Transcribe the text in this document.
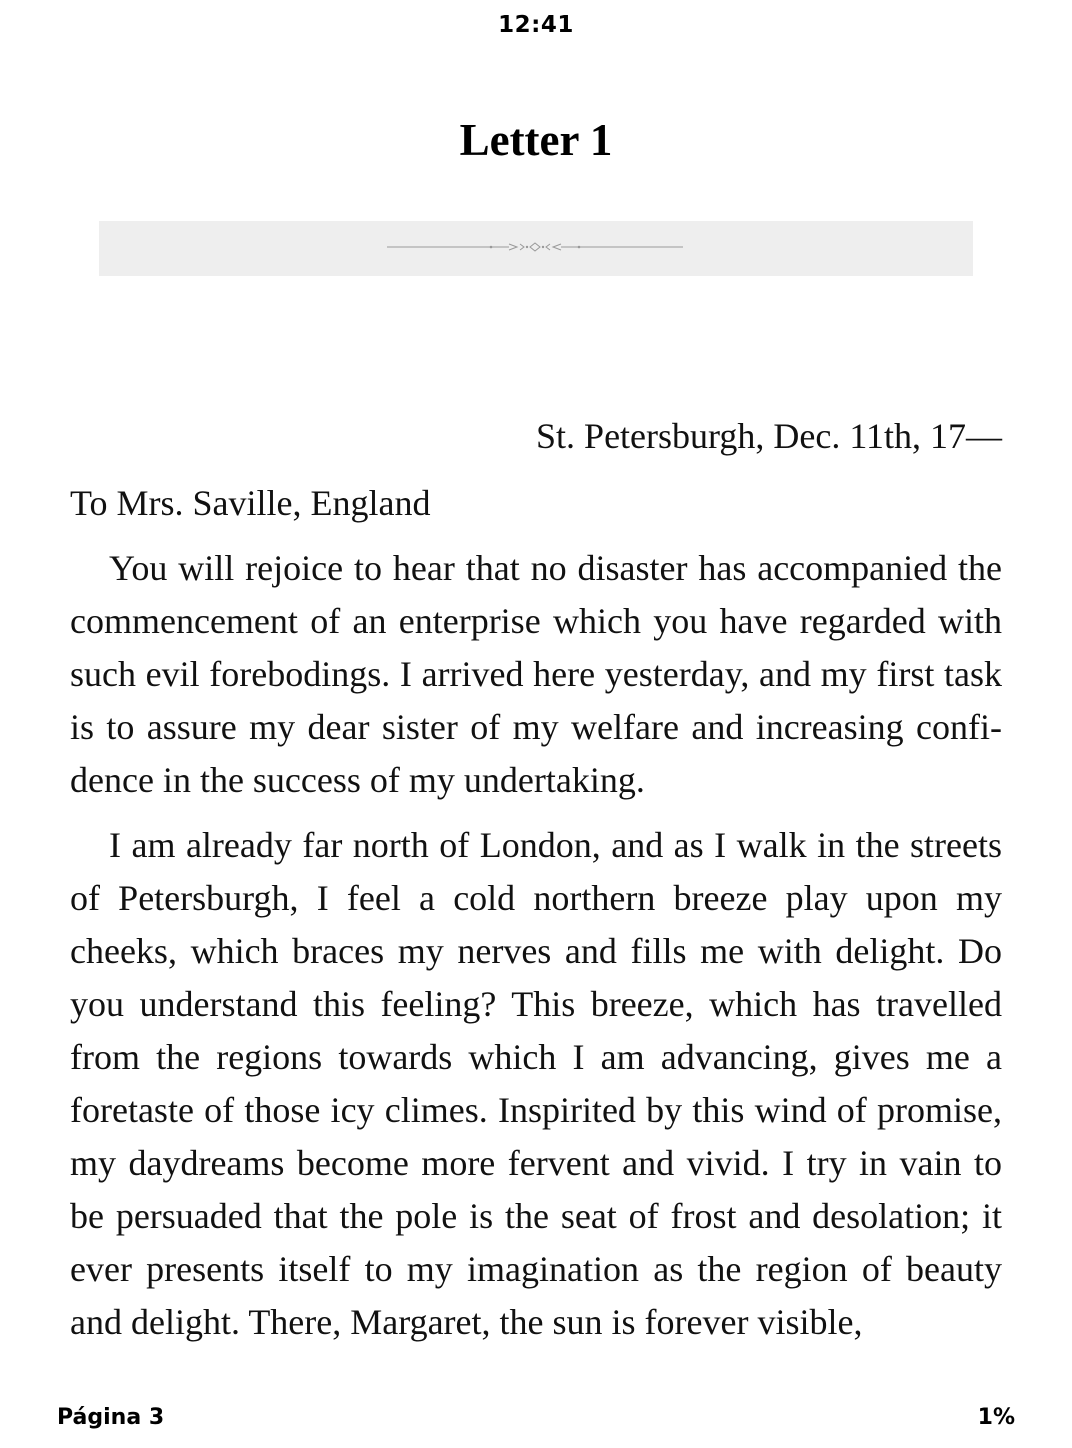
12:41
Letter 1

St. Petersburgh, Dec. 11th, 17—

To Mrs. Saville, England

You will rejoice to hear that no disaster has accompanied the commencement of an enterprise which you have regarded with such evil forebodings. I arrived here yesterday, and my first task is to assure my dear sister of my welfare and increasing confidence in the success of my undertaking.

I am already far north of London, and as I walk in the streets of Petersburgh, I feel a cold northern breeze play upon my cheeks, which braces my nerves and fills me with delight. Do you understand this feeling? This breeze, which has travelled from the regions towards which I am advancing, gives me a foretaste of those icy climes. Inspirited by this wind of promise, my daydreams become more fervent and vivid. I try in vain to be persuaded that the pole is the seat of frost and desolation; it ever presents itself to my imagination as the region of beauty and delight. There, Margaret, the sun is forever visible,

Página 3	1%
